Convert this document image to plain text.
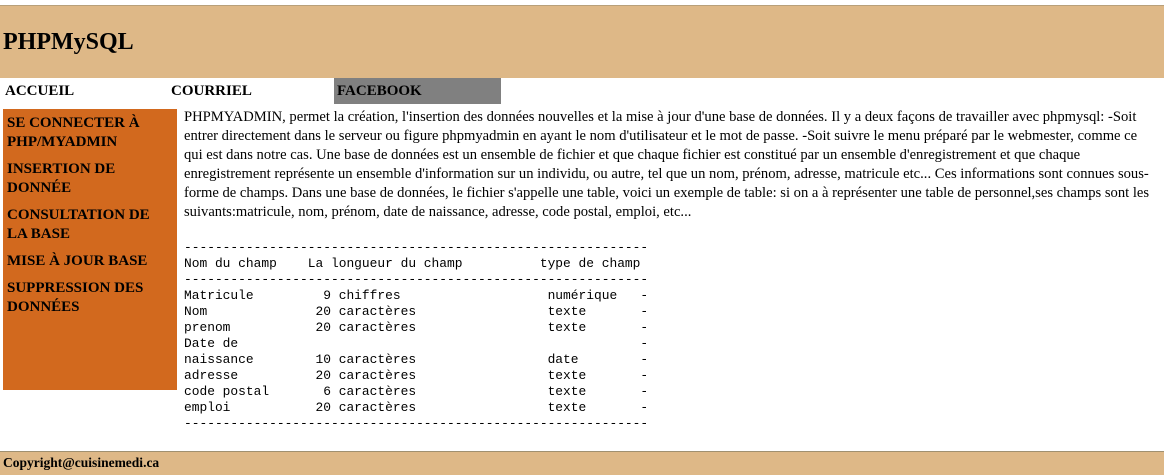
PHPMySQL
ACCUEIL	COURRIEL	FACEBOOK
SE CONNECTER À PHP/MYADMIN
INSERTION DE DONNÉE
CONSULTATION DE LA BASE
MISE À JOUR BASE
SUPPRESSION DES DONNÉES

PHPMYADMIN, permet la création, l'insertion des données nouvelles et la mise à jour d'une base de données. Il y a deux façons de travailler avec phpmysql: -Soit entrer directement dans le serveur ou figure phpmyadmin en ayant le nom d'utilisateur et le mot de passe. -Soit suivre le menu préparé par le webmester, comme ce qui est dans notre cas. Une base de données est un ensemble de fichier et que chaque fichier est constitué par un ensemble d'enregistrement et que chaque enregistrement représente un ensemble d'information sur un individu, ou autre, tel que un nom, prénom, adresse, matricule etc... Ces informations sont connues sous-forme de champs. Dans une base de données, le fichier s'appelle une table, voici un exemple de table: si on a à représenter une table de personnel,ses champs sont les suivants:matricule, nom, prénom, date de naissance, adresse, code postal, emploi, etc...

------------------------------------------------------------
Nom du champ    La longueur du champ          type de champ
------------------------------------------------------------
Matricule         9 chiffres                   numérique   -
Nom              20 caractères                 texte       -
prenom           20 caractères                 texte       -
Date de                                                    -
naissance        10 caractères                 date        -
adresse          20 caractères                 texte       -
code postal       6 caractères                 texte       -
emploi           20 caractères                 texte       -
------------------------------------------------------------
Copyright@cuisinemedi.ca
